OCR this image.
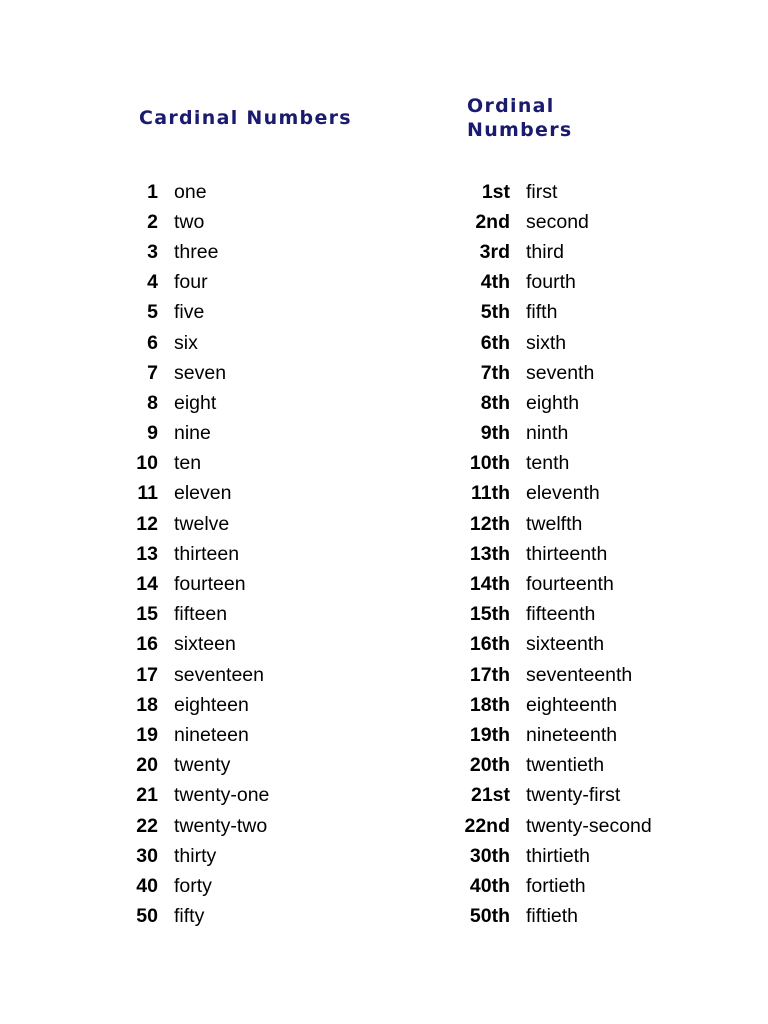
Cardinal Numbers
Ordinal
Numbers
1 one
2 two
3 three
4 four
5 five
6 six
7 seven
8 eight
9 nine
10 ten
11 eleven
12 twelve
13 thirteen
14 fourteen
15 fifteen
16 sixteen
17 seventeen
18 eighteen
19 nineteen
20 twenty
21 twenty-one
22 twenty-two
30 thirty
40 forty
50 fifty
1st first
2nd second
3rd third
4th fourth
5th fifth
6th sixth
7th seventh
8th eighth
9th ninth
10th tenth
11th eleventh
12th twelfth
13th thirteenth
14th fourteenth
15th fifteenth
16th sixteenth
17th seventeenth
18th eighteenth
19th nineteenth
20th twentieth
21st twenty-first
22nd twenty-second
30th thirtieth
40th fortieth
50th fiftieth
